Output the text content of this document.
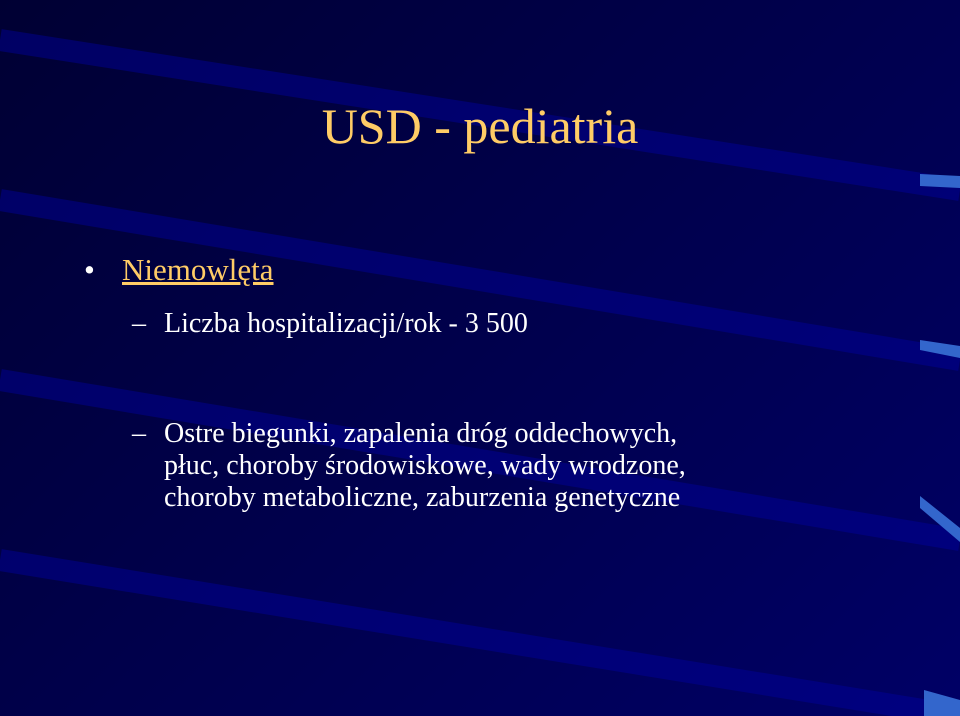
USD - pediatria
• Niemowlęta
– Liczba hospitalizacji/rok - 3 500
– Ostre biegunki, zapalenia dróg oddechowych,
płuc, choroby środowiskowe, wady wrodzone,
choroby metaboliczne, zaburzenia genetyczne
